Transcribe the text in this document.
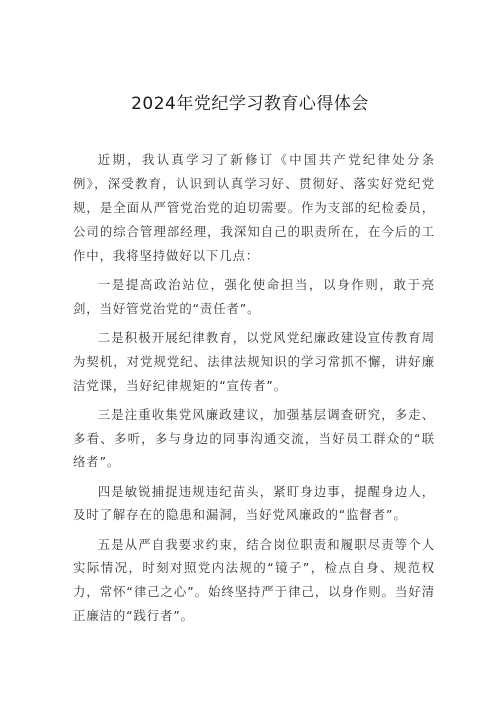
2024年党纪学习教育心得体会

近期，我认真学习了新修订《中国共产党纪律处分条例》，深受教育，认识到认真学习好、贯彻好、落实好党纪党规，是全面从严管党治党的迫切需要。作为支部的纪检委员，公司的综合管理部经理，我深知自己的职责所在，在今后的工作中，我将坚持做好以下几点：

一是提高政治站位，强化使命担当，以身作则，敢于亮剑，当好管党治党的“责任者”。

二是积极开展纪律教育，以党风党纪廉政建设宣传教育周为契机，对党规党纪、法律法规知识的学习常抓不懈，讲好廉洁党课，当好纪律规矩的“宣传者”。

三是注重收集党风廉政建议，加强基层调查研究，多走、多看、多听，多与身边的同事沟通交流，当好员工群众的“联络者”。

四是敏锐捕捉违规违纪苗头，紧盯身边事，提醒身边人，及时了解存在的隐患和漏洞，当好党风廉政的“监督者”。

五是从严自我要求约束，结合岗位职责和履职尽责等个人实际情况，时刻对照党内法规的“镜子”，检点自身、规范权力，常怀“律己之心”。始终坚持严于律己，以身作则。当好清正廉洁的“践行者”。
